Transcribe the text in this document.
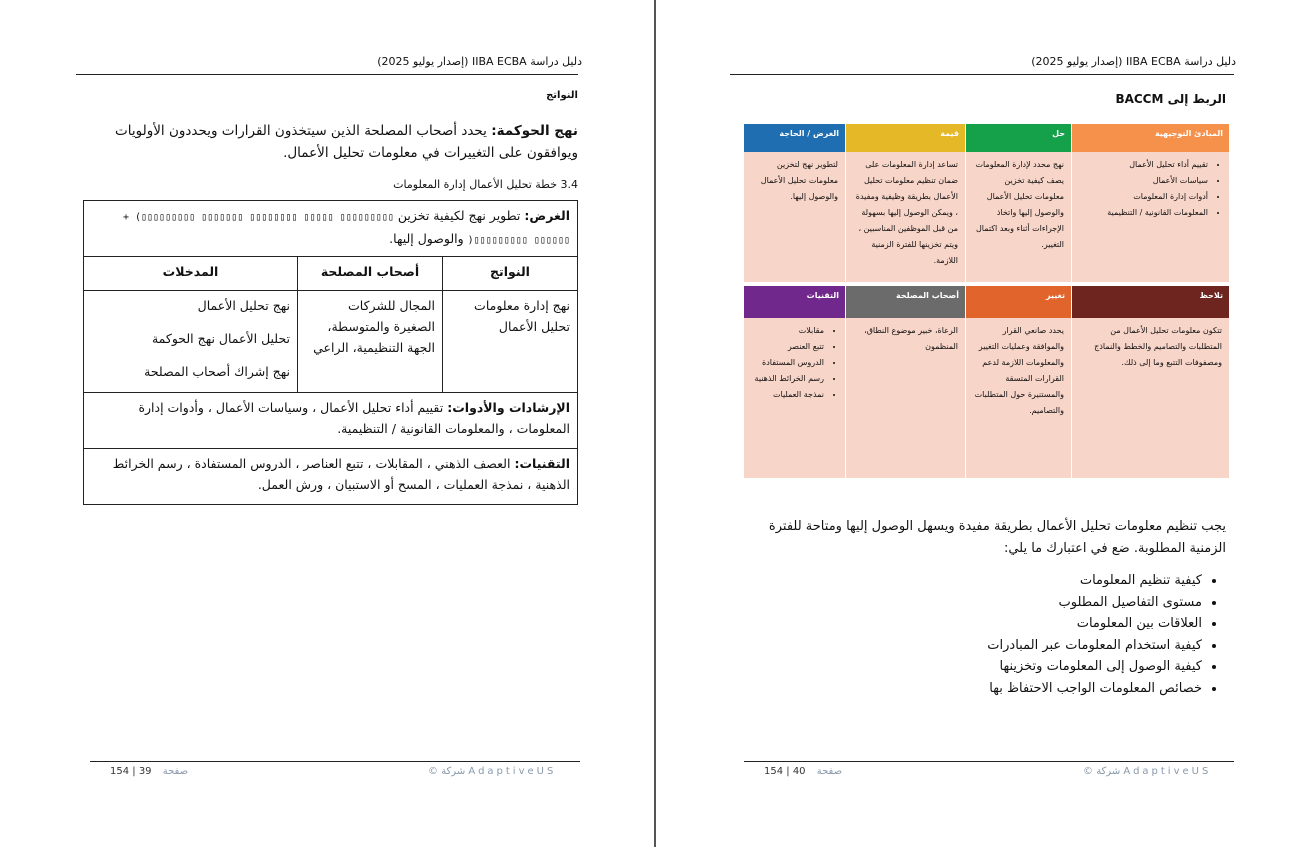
دليل دراسة IIBA ECBA (إصدار يوليو 2025)
النواتج
نهج الحوكمة: يحدد أصحاب المصلحة الذين سيتخذون القرارات ويحددون الأولويات ويوافقون على التغييرات في معلومات تحليل الأعمال.
3.4 خطة تحليل الأعمال إدارة المعلومات
الغرض: تطوير نهج لكيفية تخزين ▯▯▯▯▯▯▯▯▯ ▯▯▯▯▯ ▯▯▯▯▯▯▯▯ ▯▯▯▯▯▯▯ ▯▯▯▯▯▯▯▯▯) + ▯▯▯▯▯▯ ▯▯▯▯▯▯▯▯▯( والوصول إليها.		
النواتج	أصحاب المصلحة	المدخلات
نهج إدارة معلومات تحليل الأعمال	المجال للشركات الصغيرة والمتوسطة، الجهة التنظيمية، الراعي	نهج تحليل الأعمال
تحليل الأعمال نهج الحوكمة
نهج إشراك أصحاب المصلحة

الإرشادات والأدوات: تقييم أداء تحليل الأعمال ، وسياسات الأعمال ، وأدوات إدارة المعلومات ، والمعلومات القانونية / التنظيمية.		
التقنيات: العصف الذهني ، المقابلات ، تتبع العناصر ، الدروس المستفادة ، رسم الخرائط الذهنية ، نمذجة العمليات ، المسح أو الاستبيان ، ورش العمل.		
© شركة AdaptiveUS
154 | 39 صفحة
دليل دراسة IIBA ECBA (إصدار يوليو 2025)
الربط إلى BACCM
المبادئ التوجيهية
• تقييم أداء تحليل الأعمال
• سياسات الأعمال
• أدوات إدارة المعلومات
• المعلومات القانونية / التنظيمية
حل
نهج محدد لإدارة المعلومات يصف كيفية تخزين معلومات تحليل الأعمال والوصول إليها واتخاذ الإجراءات أثناء وبعد اكتمال التغيير.
قيمة
تساعد إدارة المعلومات على ضمان تنظيم معلومات تحليل الأعمال بطريقة وظيفية ومفيدة ، ويمكن الوصول إليها بسهولة من قبل الموظفين المناسبين ، ويتم تخزينها للفترة الزمنية اللازمة.
الغرض / الحاجة
لتطوير نهج لتخزين معلومات تحليل الأعمال والوصول إليها.
تلاحظ
تتكون معلومات تحليل الأعمال من المتطلبات والتصاميم والخطط والنماذج ومصفوفات التتبع وما إلى ذلك.
تغيير
يحدد صانعي القرار والموافقة وعمليات التغيير والمعلومات اللازمة لدعم القرارات المتسقة والمستنيرة حول المتطلبات والتصاميم.
أصحاب المصلحة
الرعاة، خبير موضوع النطاق، المنظمون
التقنيات
• مقابلات
• تتبع العنصر
• الدروس المستفادة
• رسم الخرائط الذهنية
• نمذجة العمليات
يجب تنظيم معلومات تحليل الأعمال بطريقة مفيدة ويسهل الوصول إليها ومتاحة للفترة الزمنية المطلوبة. ضع في اعتبارك ما يلي:
• كيفية تنظيم المعلومات
• مستوى التفاصيل المطلوب
• العلاقات بين المعلومات
• كيفية استخدام المعلومات عبر المبادرات
• كيفية الوصول إلى المعلومات وتخزينها
• خصائص المعلومات الواجب الاحتفاظ بها
© شركة AdaptiveUS
154 | 40 صفحة
